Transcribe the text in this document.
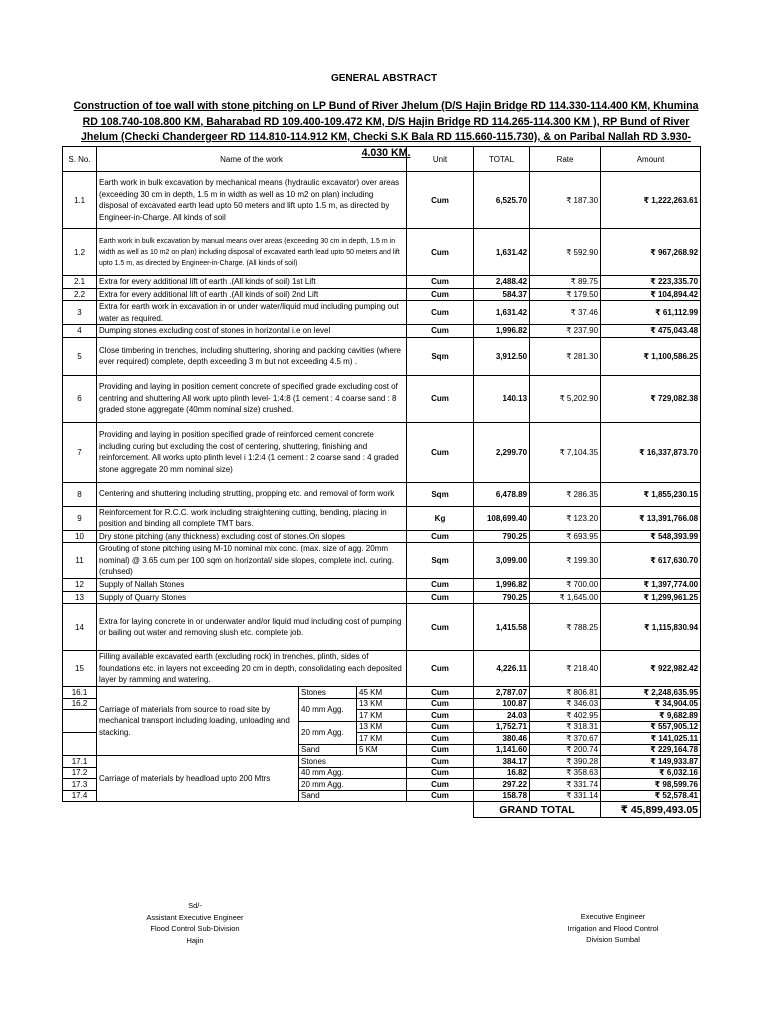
GENERAL ABSTRACT
Construction of toe wall with stone pitching on LP Bund of River Jhelum (D/S Hajin Bridge RD 114.330-114.400 KM, Khumina RD 108.740-108.800 KM, Baharabad RD 109.400-109.472 KM, D/S Hajin Bridge RD 114.265-114.300 KM ), RP Bund of River Jhelum (Checki Chandergeer RD 114.810-114.912 KM, Checki S.K Bala RD 115.660-115.730), & on Paribal Nallah RD 3.930-4.030 KM.
S. No.	Name of the work			Unit	TOTAL	Rate	Amount
1.1	Earth work in bulk excavation by mechanical means (hydraulic excavator) over areas (exceeding 30 cm in depth, 1.5 m in width as well as 10 m2 on plan) including disposal of excavated earth lead upto 50 meters and lift upto 1.5 m, as directed by Engineer-in-Charge. All kinds of soil			Cum	6,525.70	₹ 187.30	₹ 1,222,263.61
1.2	Earth work in bulk excavation by manual means over areas (exceeding 30 cm in depth, 1.5 m in width as well as 10 m2 on plan) including disposal of excavated earth lead upto 50 meters and lift upto 1.5 m, as directed by Engineer-in-Charge. (All kinds of soil)			Cum	1,631.42	₹ 592.90	₹ 967,268.92
2.1	Extra for every additional lift of earth .(All kinds of soil) 1st Lift			Cum	2,488.42	₹ 89.75	₹ 223,335.70
2.2	Extra for every additional lift of earth .(All kinds of soil) 2nd Lift			Cum	584.37	₹ 179.50	₹ 104,894.42
3	Extra for earth work in excavation in or under water/liquid mud including pumping out water as required.			Cum	1,631.42	₹ 37.46	₹ 61,112.99
4	Dumping stones excluding cost of stones in horizontal i.e on level			Cum	1,996.82	₹ 237.90	₹ 475,043.48
5	Close timbering in trenches, including shuttering, shoring and packing cavities (where ever required) complete, depth exceeding 3 m but not exceeding 4.5 m) .			Sqm	3,912.50	₹ 281.30	₹ 1,100,586.25
6	Providing and laying in position cement concrete of specified grade excluding cost of centring and shuttering All work upto plinth level- 1:4:8 (1 cement : 4 coarse sand : 8 graded stone aggregate (40mm nominal size) crushed.			Cum	140.13	₹ 5,202.90	₹ 729,082.38
7	Providing and laying in position specified grade of reinforced cement concrete including curing but excluding the cost of centering, shuttering, finishing and reinforcement. All works upto plinth level i 1:2:4 (1 cement : 2 coarse sand : 4 graded stone aggregate 20 mm nominal size)			Cum	2,299.70	₹ 7,104.35	₹ 16,337,873.70
8	Centering and shuttering including strutting, propping etc. and removal of form work			Sqm	6,478.89	₹ 286.35	₹ 1,855,230.15
9	Reinforcement for R.C.C. work including straightening cutting, bending, placing in position and binding all complete TMT bars.			Kg	108,699.40	₹ 123.20	₹ 13,391,766.08
10	Dry stone pitching (any thickness) excluding cost of stones.On slopes			Cum	790.25	₹ 693.95	₹ 548,393.99
11	Grouting of stone pitching using M-10 nominal mix conc. (max. size of agg. 20mm nominal) @ 3.65 cum per 100 sqm on horizontal/ side slopes, complete incl. curing. (cruhsed)			Sqm	3,099.00	₹ 199.30	₹ 617,630.70
12	Supply of Nallah Stones			Cum	1,996.82	₹ 700.00	₹ 1,397,774.00
13	Supply of Quarry Stones			Cum	790.25	₹ 1,645.00	₹ 1,299,961.25
14	Extra for laying concrete in or underwater and/or liquid mud including cost of pumping or bailing out water and removing slush etc. complete job.			Cum	1,415.58	₹ 788.25	₹ 1,115,830.94
15	Filling available excavated earth (excluding rock) in trenches, plinth, sides of foundations etc. in layers not exceeding 20 cm in depth, consolidating each deposited layer by ramming and watering.			Cum	4,226.11	₹ 218.40	₹ 922,982.42
16.1	Carriage of materials from source to road site by mechanical transport including loading, unloading and stacking.	Stones	45 KM	Cum	2,787.07	₹ 806.81	₹ 2,248,635.95
16.2		40 mm Agg.	13 KM	Cum	100.87	₹ 346.03	₹ 34,904.05
			17 KM	Cum	24.03	₹ 402.95	₹ 9,682.89
		20 mm Agg.	13 KM	Cum	1,752.71	₹ 318.31	₹ 557,905.12
			17 KM	Cum	380.46	₹ 370.67	₹ 141,025.11
		Sand	5 KM	Cum	1,141.60	₹ 200.74	₹ 229,164.78
17.1	Carriage of materials by headload upto 200 Mtrs	Stones		Cum	384.17	₹ 390.28	₹ 149,933.87
17.2		40 mm Agg.		Cum	16.82	₹ 358.63	₹ 6,032.16
17.3		20 mm Agg.		Cum	297.22	₹ 331.74	₹ 98,599.76
17.4		Sand		Cum	158.78	₹ 331.14	₹ 52,578.41
					GRAND TOTAL		₹ 45,899,493.05
Sd/-
Assistant Executive Engineer
Flood Control Sub-Division
Hajin
Executive Engineer
Irrigation and Flood Control
Division Sumbal
